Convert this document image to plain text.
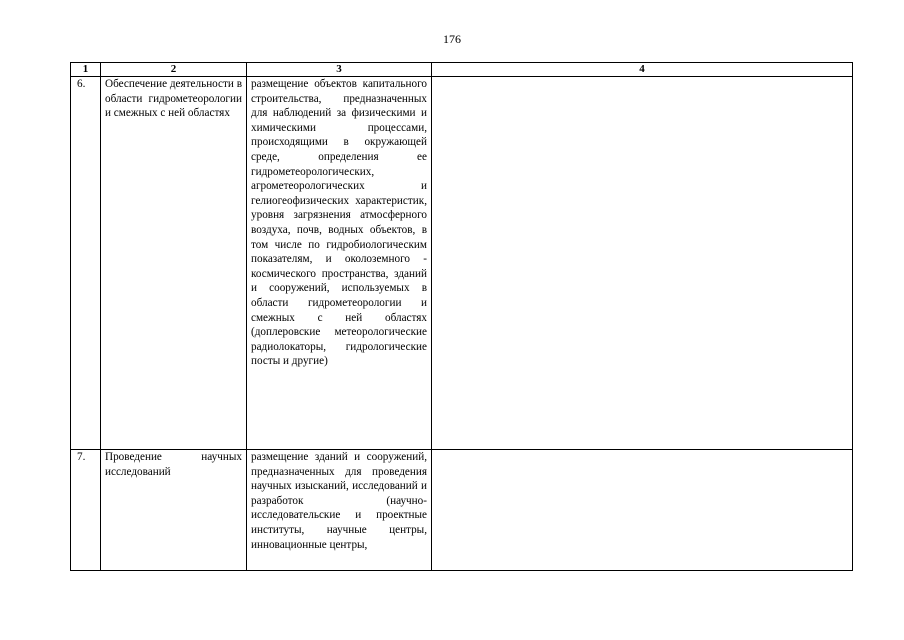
176
1	2	3	4
6.	Обеспечение деятельности в области гидрометеорологии и смежных с ней областях	размещение объектов капитального строительства, предназначенных для наблюдений за физическими и химическими процессами, происходящими в окружающей среде, определения ее гидрометеорологических, агрометеорологических и гелиогеофизических характеристик, уровня загрязнения атмосферного воздуха, почв, водных объектов, в том числе по гидробиологическим показателям, и околоземного - космического пространства, зданий и сооружений, используемых в области гидрометеорологии и смежных с ней областях (доплеровские метеорологические радиолокаторы, гидрологические посты и другие)	
7.	Проведение научных исследований	размещение зданий и сооружений, предназначенных для проведения научных изысканий, исследований и разработок (научно-исследовательские и проектные институты, научные центры, инновационные центры,	
